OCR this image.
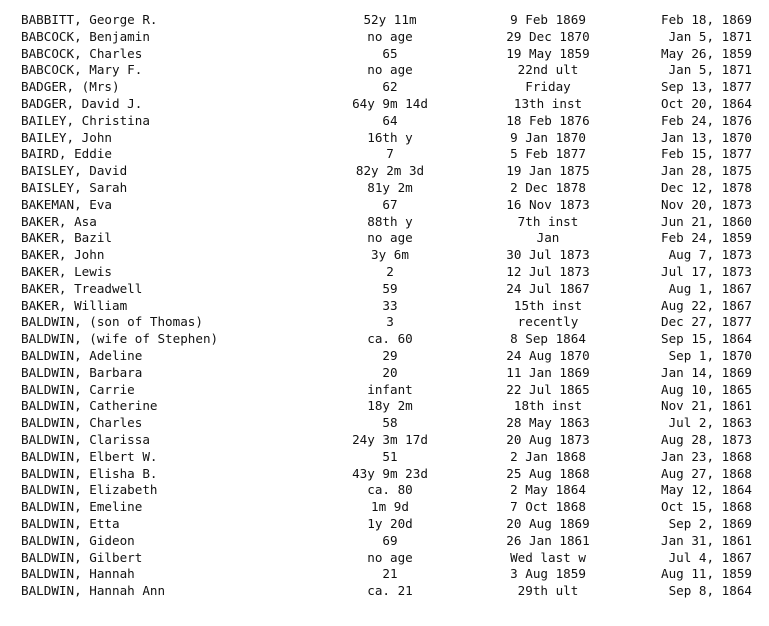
BABBITT, George R.	52y 11m	9 Feb 1869	Feb 18, 1869
BABCOCK, Benjamin	no age	29 Dec 1870	Jan 5, 1871
BABCOCK, Charles	65	19 May 1859	May 26, 1859
BABCOCK, Mary F.	no age	22nd ult	Jan 5, 1871
BADGER, (Mrs)	62	Friday	Sep 13, 1877
BADGER, David J.	64y 9m 14d	13th inst	Oct 20, 1864
BAILEY, Christina	64	18 Feb 1876	Feb 24, 1876
BAILEY, John	16th y	9 Jan 1870	Jan 13, 1870
BAIRD, Eddie	7	5 Feb 1877	Feb 15, 1877
BAISLEY, David	82y 2m 3d	19 Jan 1875	Jan 28, 1875
BAISLEY, Sarah	81y 2m	2 Dec 1878	Dec 12, 1878
BAKEMAN, Eva	67	16 Nov 1873	Nov 20, 1873
BAKER, Asa	88th y	7th inst	Jun 21, 1860
BAKER, Bazil	no age	Jan	Feb 24, 1859
BAKER, John	3y 6m	30 Jul 1873	Aug 7, 1873
BAKER, Lewis	2	12 Jul 1873	Jul 17, 1873
BAKER, Treadwell	59	24 Jul 1867	Aug 1, 1867
BAKER, William	33	15th inst	Aug 22, 1867
BALDWIN, (son of Thomas)	3	recently	Dec 27, 1877
BALDWIN, (wife of Stephen)	ca. 60	8 Sep 1864	Sep 15, 1864
BALDWIN, Adeline	29	24 Aug 1870	Sep 1, 1870
BALDWIN, Barbara	20	11 Jan 1869	Jan 14, 1869
BALDWIN, Carrie	infant	22 Jul 1865	Aug 10, 1865
BALDWIN, Catherine	18y 2m	18th inst	Nov 21, 1861
BALDWIN, Charles	58	28 May 1863	Jul 2, 1863
BALDWIN, Clarissa	24y 3m 17d	20 Aug 1873	Aug 28, 1873
BALDWIN, Elbert W.	51	2 Jan 1868	Jan 23, 1868
BALDWIN, Elisha B.	43y 9m 23d	25 Aug 1868	Aug 27, 1868
BALDWIN, Elizabeth	ca. 80	2 May 1864	May 12, 1864
BALDWIN, Emeline	1m 9d	7 Oct 1868	Oct 15, 1868
BALDWIN, Etta	1y 20d	20 Aug 1869	Sep 2, 1869
BALDWIN, Gideon	69	26 Jan 1861	Jan 31, 1861
BALDWIN, Gilbert	no age	Wed last w	Jul 4, 1867
BALDWIN, Hannah	21	3 Aug 1859	Aug 11, 1859
BALDWIN, Hannah Ann	ca. 21	29th ult	Sep 8, 1864
